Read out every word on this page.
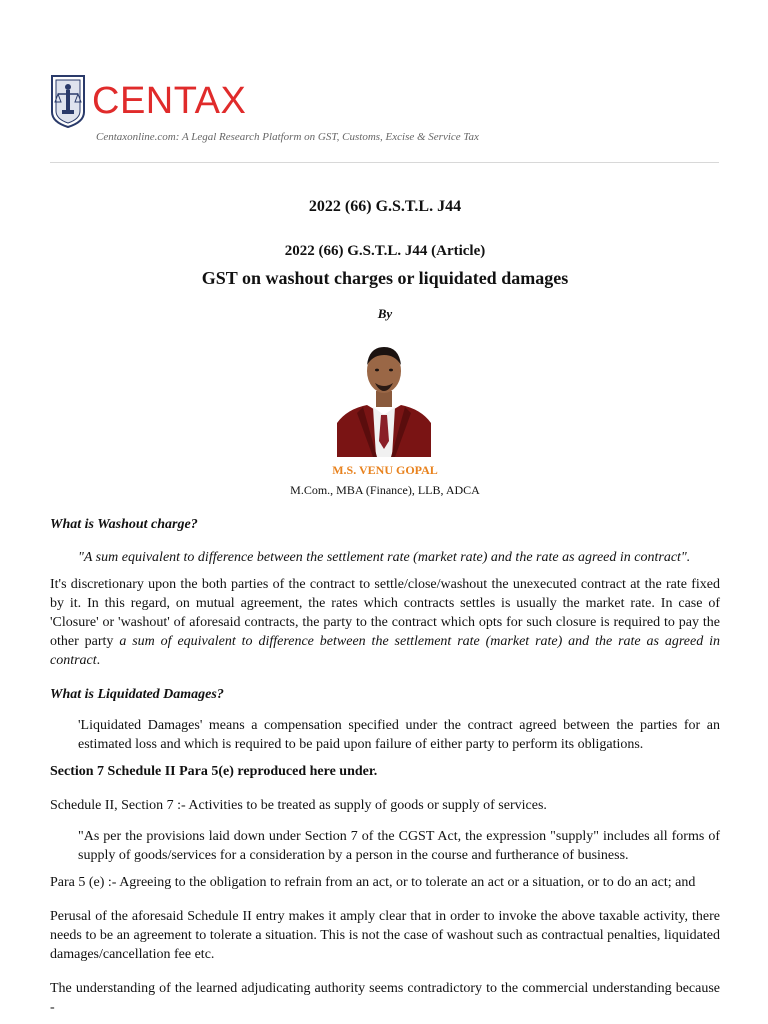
CENTAX
Centaxonline.com: A Legal Research Platform on GST, Customs, Excise & Service Tax
2022 (66) G.S.T.L. J44
2022 (66) G.S.T.L. J44 (Article)
GST on washout charges or liquidated damages
By
M.S. VENU GOPAL
M.Com., MBA (Finance), LLB, ADCA

What is Washout charge?

"A sum equivalent to difference between the settlement rate (market rate) and the rate as agreed in contract".

It's discretionary upon the both parties of the contract to settle/close/washout the unexecuted contract at the rate fixed by it. In this regard, on mutual agreement, the rates which contracts settles is usually the market rate. In case of 'Closure' or 'washout' of aforesaid contracts, the party to the contract which opts for such closure is required to pay the other party a sum of equivalent to difference between the settlement rate (market rate) and the rate as agreed in contract.

What is Liquidated Damages?

'Liquidated Damages' means a compensation specified under the contract agreed between the parties for an estimated loss and which is required to be paid upon failure of either party to perform its obligations.

Section 7 Schedule II Para 5(e) reproduced here under.

Schedule II, Section 7 :- Activities to be treated as supply of goods or supply of services.

"As per the provisions laid down under Section 7 of the CGST Act, the expression "supply" includes all forms of supply of goods/services for a consideration by a person in the course and furtherance of business.

Para 5 (e) :- Agreeing to the obligation to refrain from an act, or to tolerate an act or a situation, or to do an act; and

Perusal of the aforesaid Schedule II entry makes it amply clear that in order to invoke the above taxable activity, there needs to be an agreement to tolerate a situation. This is not the case of washout such as contractual penalties, liquidated damages/cancellation fee etc.

The understanding of the learned adjudicating authority seems contradictory to the commercial understanding because -
